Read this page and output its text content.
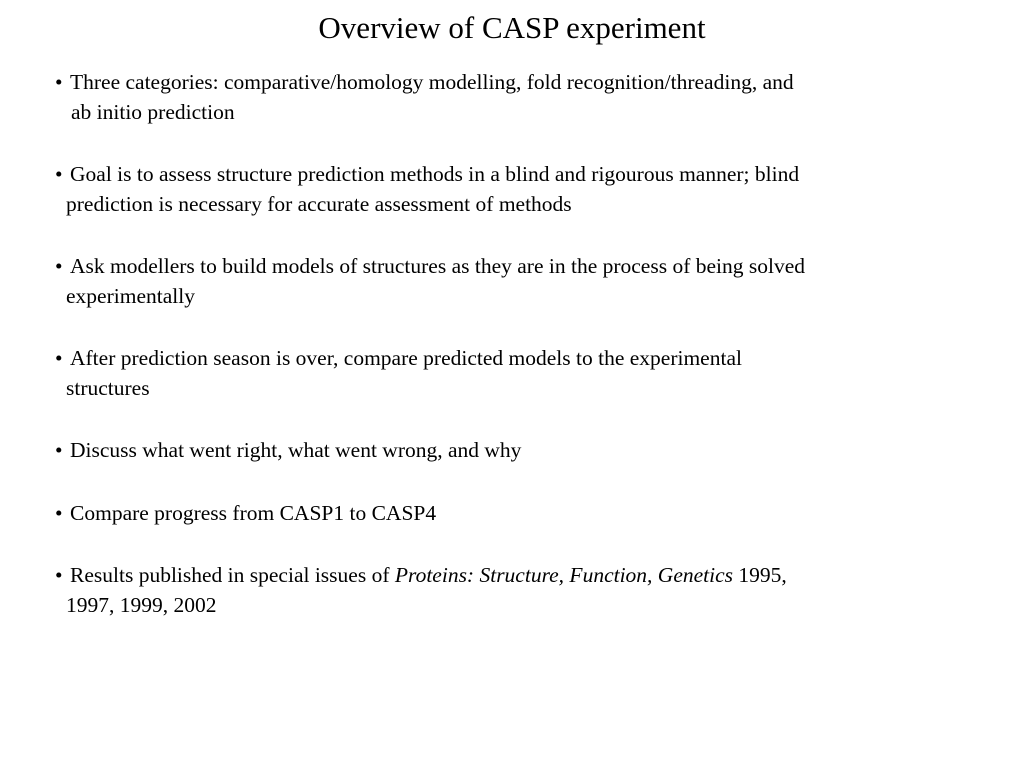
Overview of CASP experiment
• Three categories: comparative/homology modelling, fold recognition/threading, and
ab initio prediction
• Goal is to assess structure prediction methods in a blind and rigourous manner; blind
prediction is necessary for accurate assessment of methods
• Ask modellers to build models of structures as they are in the process of being solved
experimentally
• After prediction season is over, compare predicted models to the experimental
structures
• Discuss what went right, what went wrong, and why
• Compare progress from CASP1 to CASP4
• Results published in special issues of Proteins: Structure, Function, Genetics 1995,
1997, 1999, 2002
